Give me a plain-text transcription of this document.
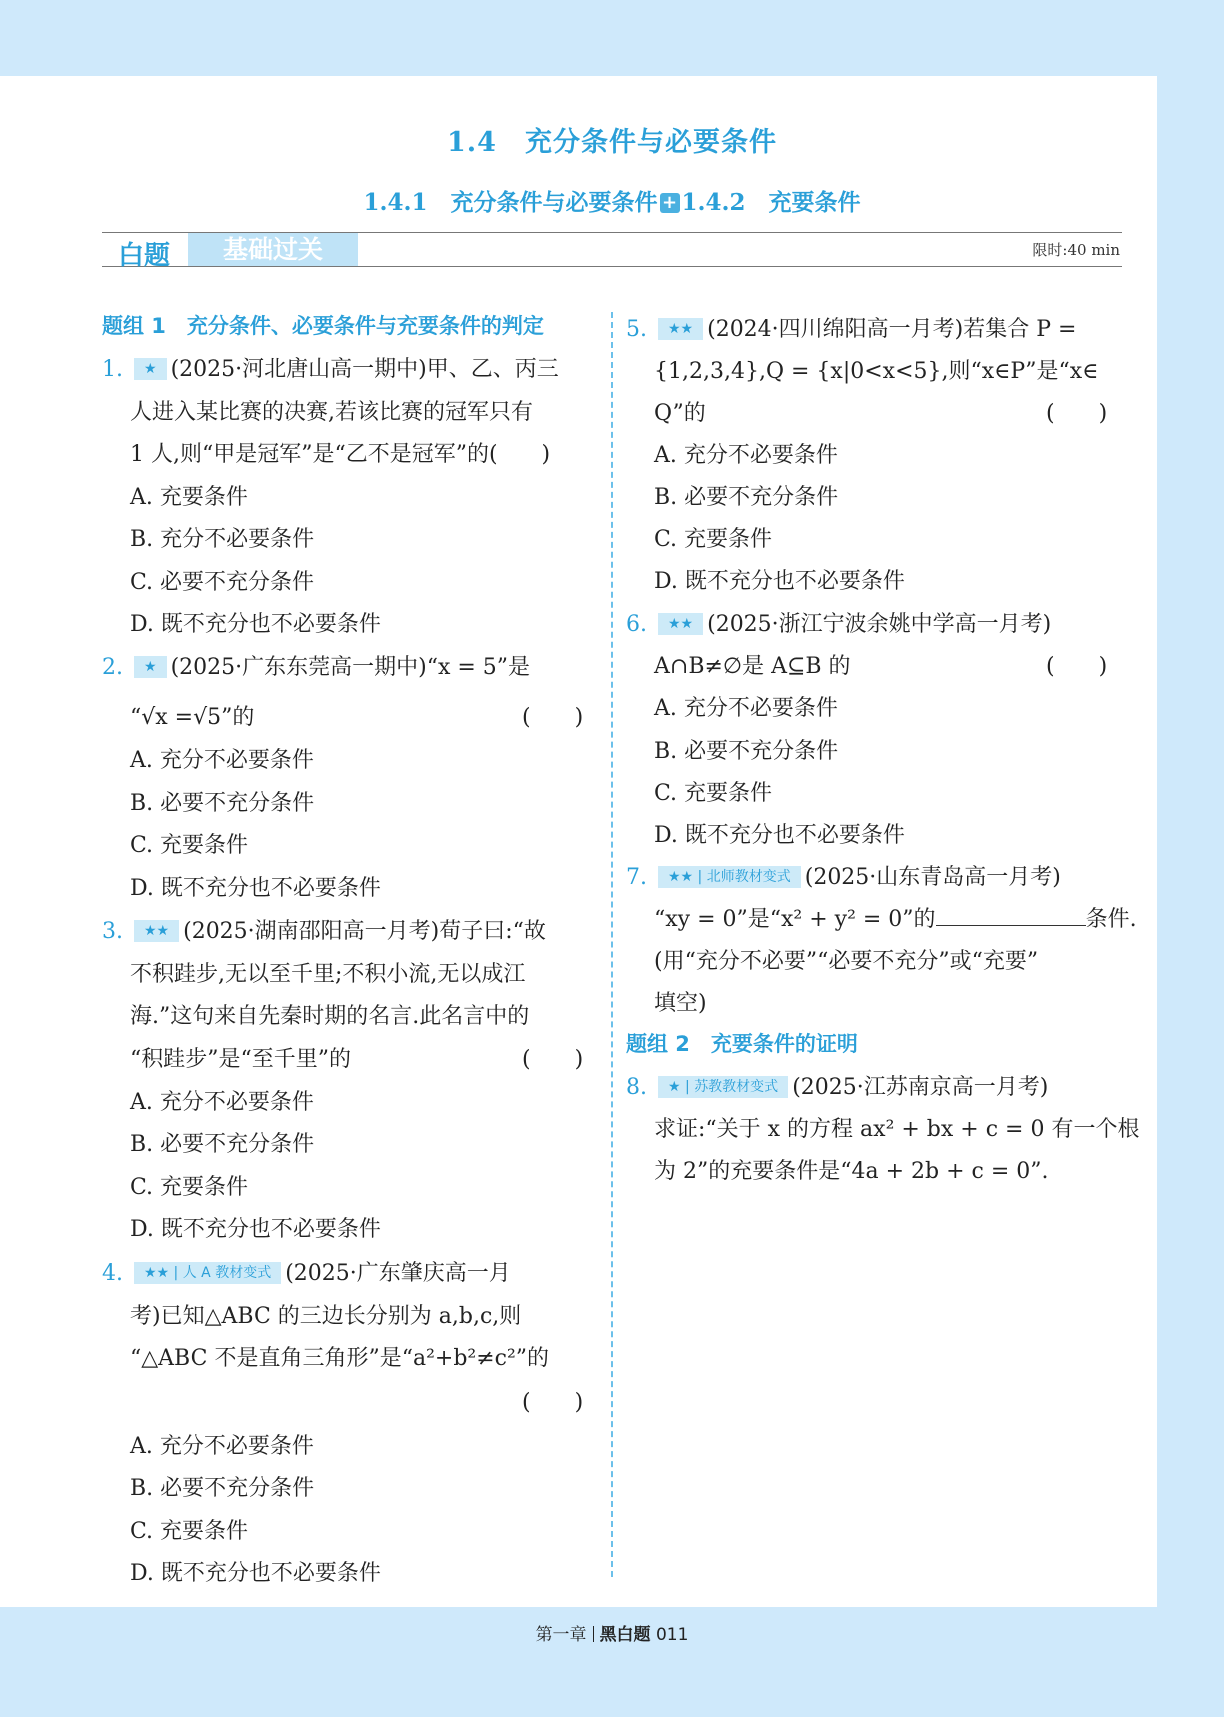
1.4　充分条件与必要条件
1.4.1　充分条件与必要条件 + 1.4.2　充要条件
白题	基础过关	限时:40 min
题组 1　充分条件、必要条件与充要条件的判定
1. ★ (2025·河北唐山高一期中)甲、乙、丙三
人进入某比赛的决赛,若该比赛的冠军只有
1 人,则“甲是冠军”是“乙不是冠军”的(　　)
A. 充要条件
B. 充分不必要条件
C. 必要不充分条件
D. 既不充分也不必要条件
2. ★ (2025·广东东莞高一期中)“x = 5”是
“√x =√5”的	(　　)
A. 充分不必要条件
B. 必要不充分条件
C. 充要条件
D. 既不充分也不必要条件
3. ★★ (2025·湖南邵阳高一月考)荀子曰:“故
不积跬步,无以至千里;不积小流,无以成江
海.”这句来自先秦时期的名言.此名言中的
“积跬步”是“至千里”的	(　　)
A. 充分不必要条件
B. 必要不充分条件
C. 充要条件
D. 既不充分也不必要条件
4. ★★ | 人 A 教材变式 (2025·广东肇庆高一月
考)已知△ABC 的三边长分别为 a,b,c,则
“△ABC 不是直角三角形”是“a²+b²≠c²”的
(　　)
A. 充分不必要条件
B. 必要不充分条件
C. 充要条件
D. 既不充分也不必要条件
5. ★★ (2024·四川绵阳高一月考)若集合 P =
{1,2,3,4},Q = {x|0<x<5},则“x∈P”是“x∈
Q”的	(　　)
A. 充分不必要条件
B. 必要不充分条件
C. 充要条件
D. 既不充分也不必要条件
6. ★★ (2025·浙江宁波余姚中学高一月考)
A∩B≠∅是 A⊆B 的	(　　)
A. 充分不必要条件
B. 必要不充分条件
C. 充要条件
D. 既不充分也不必要条件
7. ★★ | 北师教材变式 (2025·山东青岛高一月考)
“xy = 0”是“x² + y² = 0”的	条件.
(用“充分不必要”“必要不充分”或“充要”
填空)
题组 2　充要条件的证明
8. ★ | 苏教教材变式 (2025·江苏南京高一月考)
求证:“关于 x 的方程 ax² + bx + c = 0 有一个根
为 2”的充要条件是“4a + 2b + c = 0”.
第一章 黑白题 011
